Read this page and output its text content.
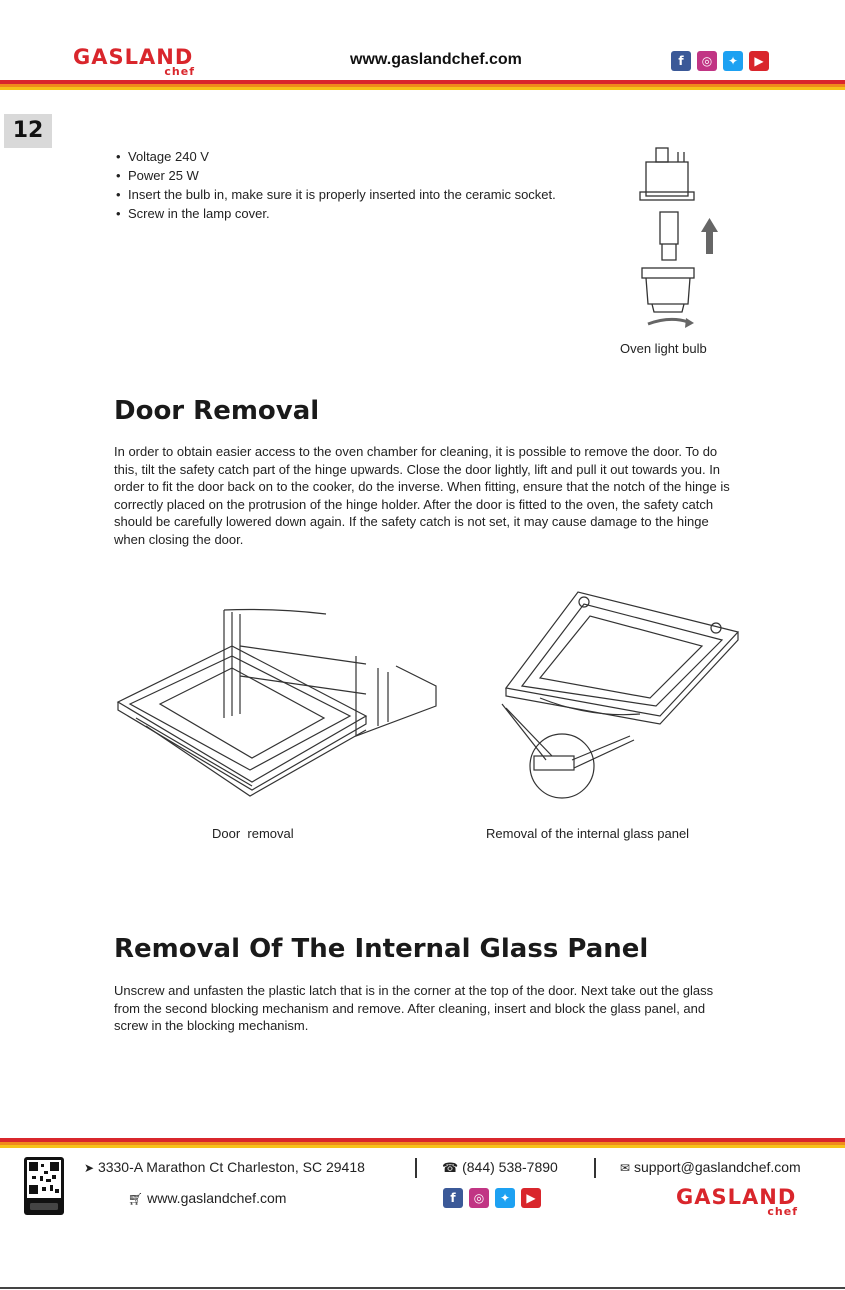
GASLAND
chef
www.gaslandchef.com	f	◎	✦	▶
12
• Voltage 240 V
• Power 25 W
• Insert the bulb in, make sure it is properly inserted into the ceramic socket.
• Screw in the lamp cover.
Oven light bulb
Door Removal

In order to obtain easier access to the oven chamber for cleaning, it is possible to remove the door. To do this, tilt the safety catch part of the hinge upwards. Close the door lightly, lift and pull it out towards you. In order to fit the door back on to the cooker, do the inverse. When fitting, ensure that the notch of the hinge is correctly placed on the protrusion of the hinge holder. After the door is fitted to the oven, the safety catch should be carefully lowered down again. If the safety catch is not set, it may cause damage to the hinge when closing the door.

Door  removal	Removal of the internal glass panel
Removal Of The Internal Glass Panel

Unscrew and unfasten the plastic latch that is in the corner at the top of the door. Next take out the glass from the second blocking mechanism and remove. After cleaning, insert and block the glass panel, and screw in the blocking mechanism.

➤ 3330-A Marathon Ct Charleston, SC 29418	☎ (844) 538-7890	✉ support@gaslandchef.com
🛒︎ www.gaslandchef.com	f	◎	✦	▶	GASLAND
chef
